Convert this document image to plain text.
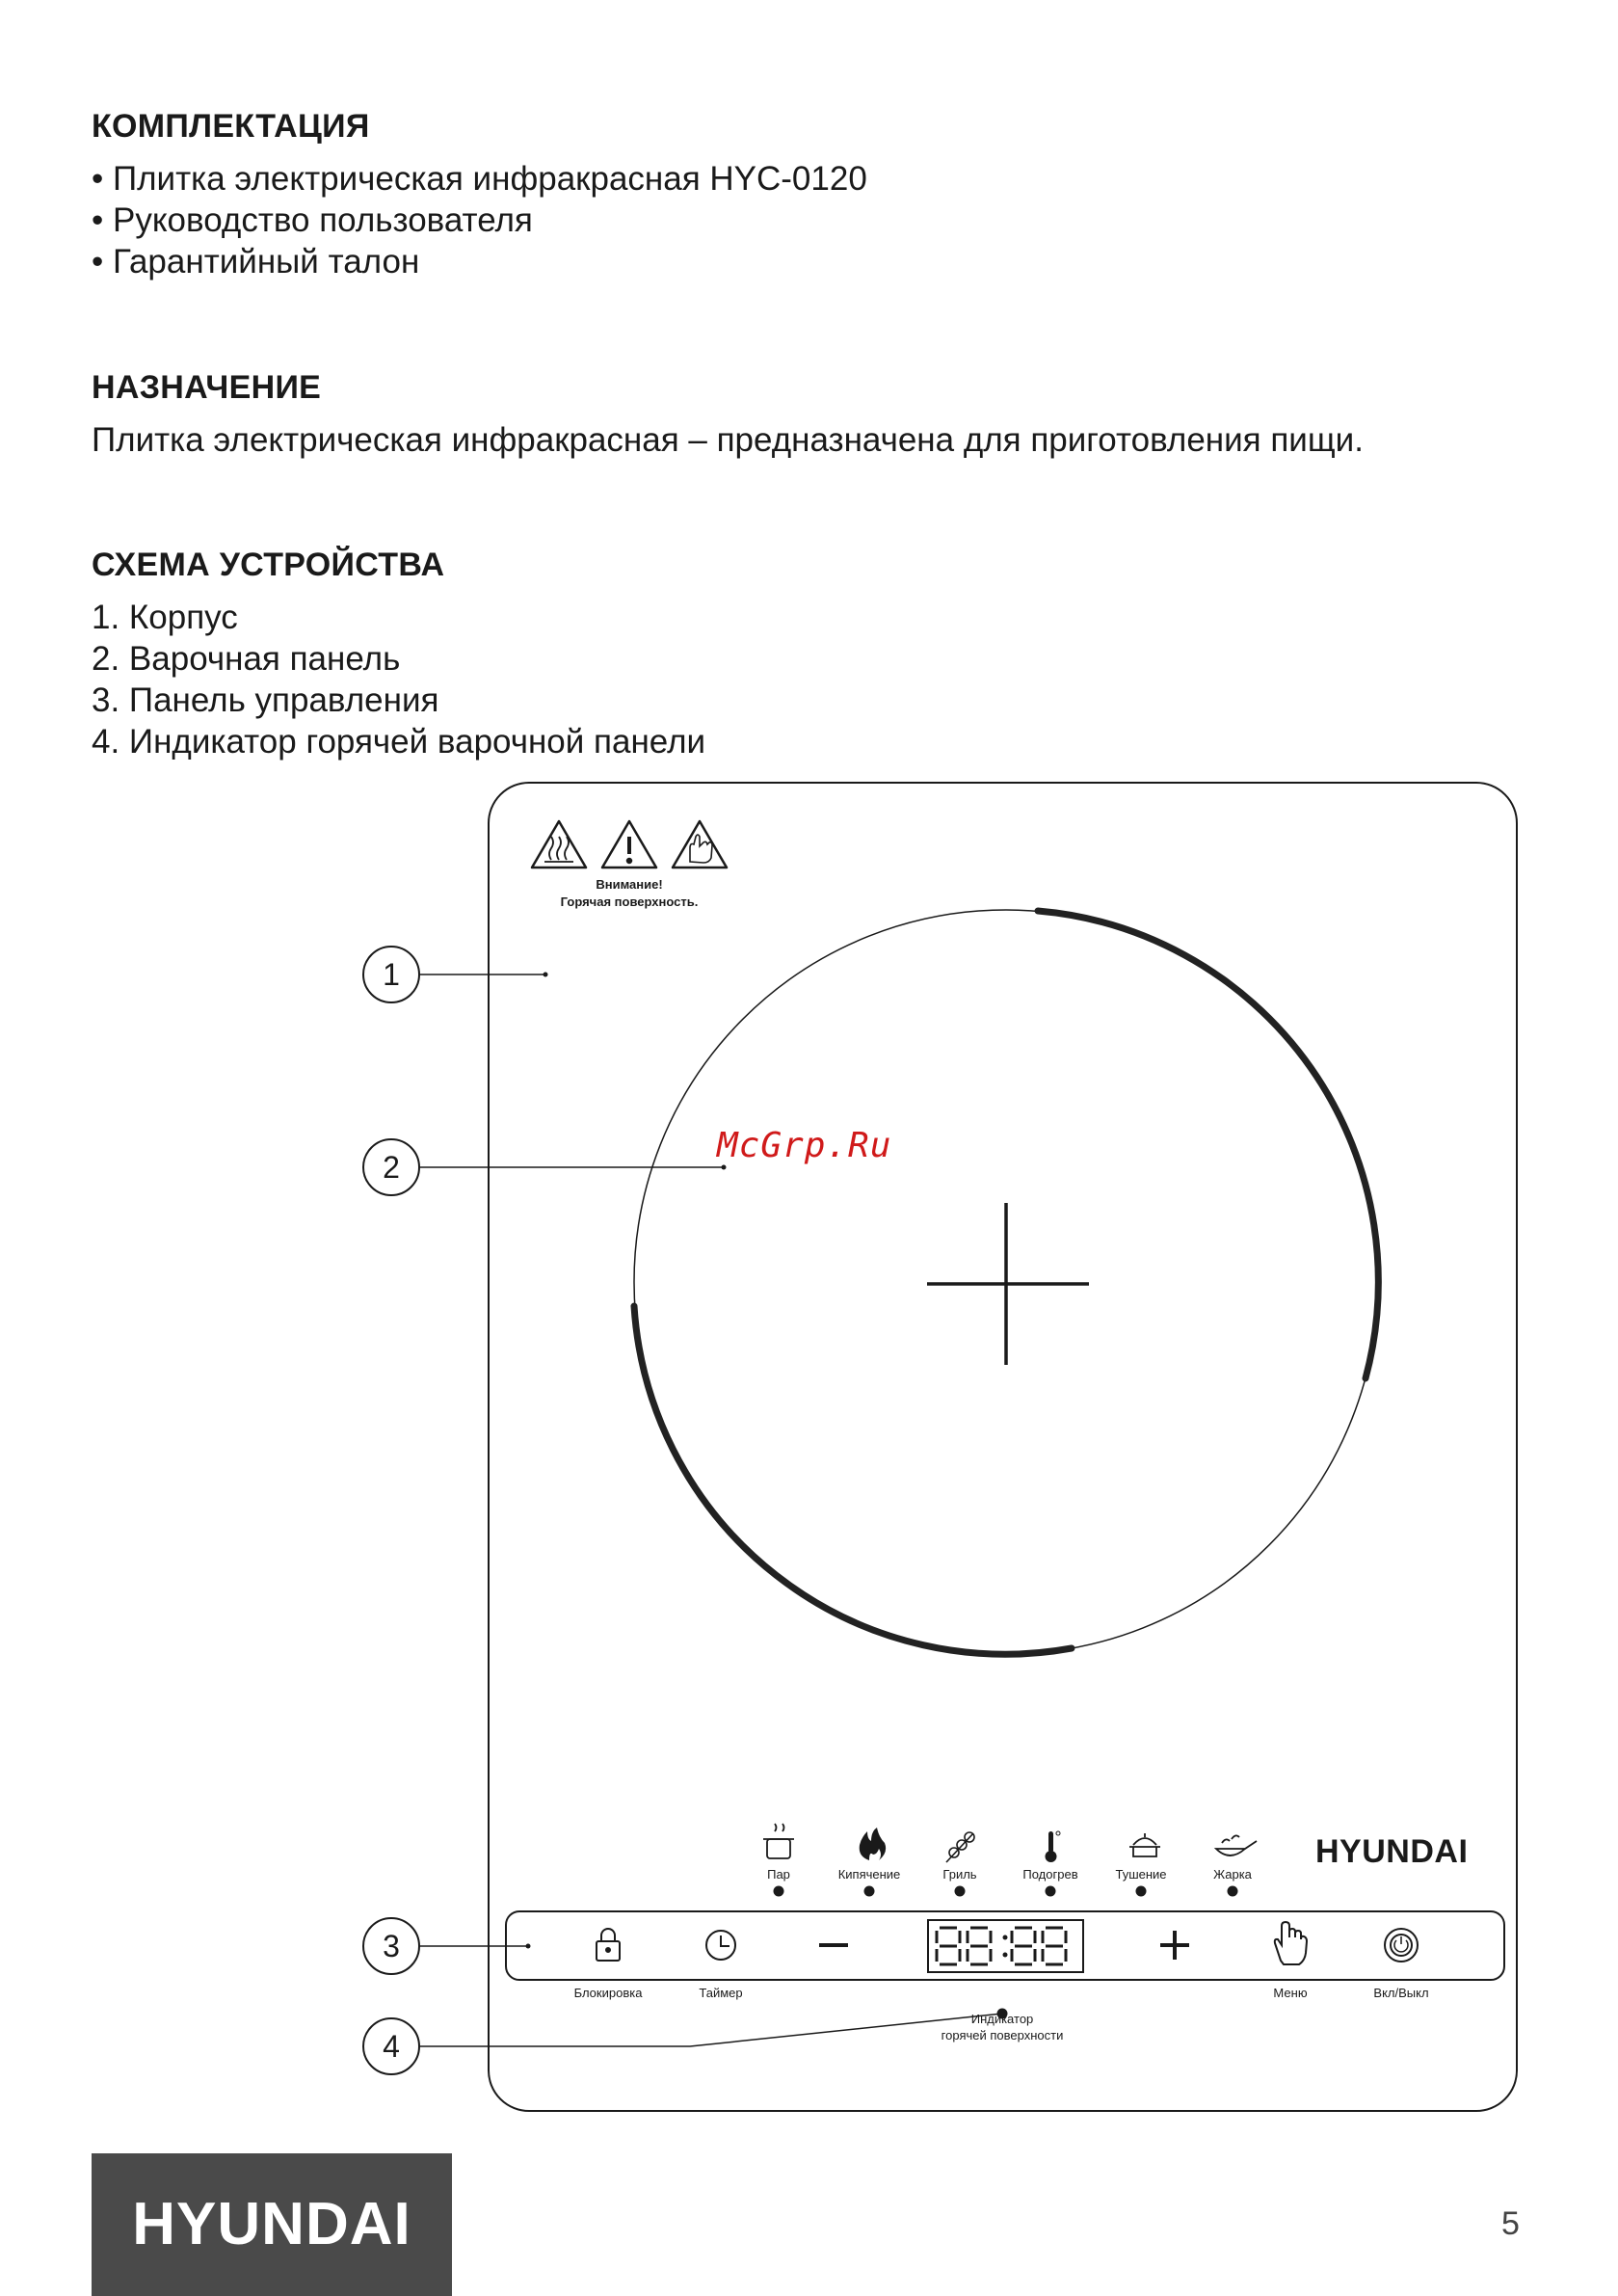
КОМПЛЕКТАЦИЯ
• Плитка электрическая инфракрасная HYC-0120
• Руководство пользователя
• Гарантийный талон
НАЗНАЧЕНИЕ
Плитка электрическая инфракрасная – предназначена для приготовления пищи.
СХЕМА УСТРОЙСТВА
1. Корпус
2. Варочная панель
3. Панель управления
4. Индикатор горячей варочной панели
1
2
3
4
Внимание!
Горячая поверхность.
McGrp.Ru
Пар	Кипячение	Гриль	Подогрев	Тушение	Жарка
HYUNDAI
Блокировка	Таймер	Меню	Вкл/Выкл
Индикатор
горячей поверхности
HYUNDAI	5
